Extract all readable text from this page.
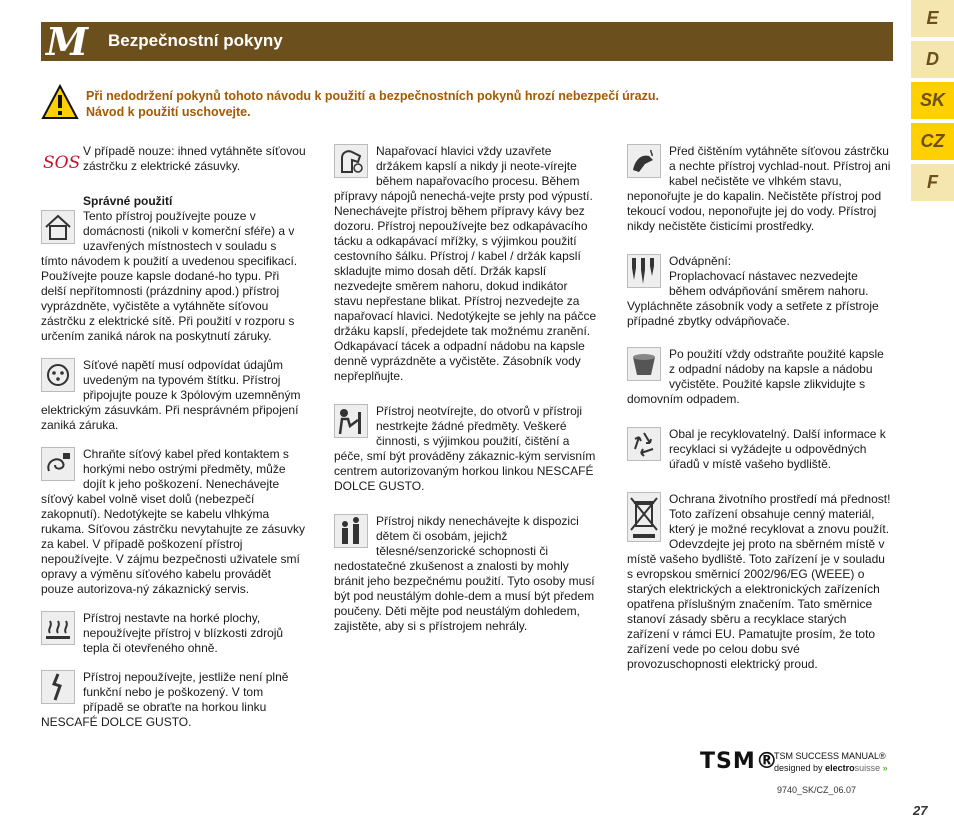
M	Bezpečnostní pokyny
E
D
SK
CZ
F
Při nedodržení pokynů tohoto návodu k použití a bezpečnostních pokynů hrozí nebezpečí úrazu.
Návod k použití uschovejte.
SOS

V případě nouze: ihned vytáhněte síťovou zástrčku z elektrické zásuvky.

Správné použití

Tento přístroj používejte pouze v domácnosti (nikoli v komerční sféře) a v uzavřených místnostech v souladu s tímto návodem k použití a uvedenou specifikací. Používejte pouze kapsle dodané-ho typu. Při delší nepřítomnosti (prázdniny apod.) přístroj vyprázdněte, vyčistěte a vytáhněte síťovou zástrčku z elektrické sítě. Při použití v rozporu s určením zaniká nárok na poskytnutí záruky.

Síťové napětí musí odpovídat údajům uvedeným na typovém štítku. Přístroj připojujte pouze k 3pólovým uzemněným elektrickým zásuvkám. Při nesprávném připojení zaniká záruka.

Chraňte síťový kabel před kontaktem s horkými nebo ostrými předměty, může dojít k jeho poškození. Nenechávejte síťový kabel volně viset dolů (nebezpečí zakopnutí). Nedotýkejte se kabelu vlhkýma rukama. Síťovou zástrčku nevytahujte ze zásuvky za kabel. V případě poškození přístroj nepoužívejte. V zájmu bezpečnosti uživatele smí opravy a výměnu síťového kabelu provádět pouze autorizova-ný zákaznický servis.

Přístroj nestavte na horké plochy, nepoužívejte přístroj v blízkosti zdrojů tepla či otevřeného ohně.

Přístroj nepoužívejte, jestliže není plně funkční nebo je poškozený. V tom případě se obraťte na horkou linku NESCAFÉ DOLCE GUSTO.

Napařovací hlavici vždy uzavřete držákem kapslí a nikdy ji neote-vírejte během napařovacího procesu. Během přípravy nápojů nenechá-vejte prsty pod výpustí. Nenechávejte přístroj během přípravy kávy bez dozoru. Přístroj nepoužívejte bez odkapávacího tácku a odkapávací mřížky, s výjimkou použití cestovního šálku. Přístroj / kabel / držák kapslí skladujte mimo dosah dětí. Držák kapslí nezvedejte směrem nahoru, dokud indikátor stavu nepřestane blikat. Přístroj nezvedejte za napařovací hlavici. Nedotýkejte se jehly na páčce držáku kapslí, předejdete tak možnému zranění. Odkapávací tácek a odpadní nádobu na kapsle denně vyprázdněte a vyčistěte. Zásobník vody nepřeplňujte.

Přístroj neotvírejte, do otvorů v přístroji nestrkejte žádné předměty. Veškeré činnosti, s výjimkou použití, čištění a péče, smí být prováděny zákaznic-kým servisním centrem autorizovaným horkou linkou NESCAFÉ DOLCE GUSTO.

Přístroj nikdy nenechávejte k dispozici dětem či osobám, jejichž tělesné/senzorické schopnosti či nedostatečné zkušenost a znalosti by mohly bránit jeho bezpečnému použití. Tyto osoby musí být pod neustálým dohle-dem a musí být předem poučeny. Děti mějte pod neustálým dohledem, zajistěte, aby si s přístrojem nehrály.

Před čištěním vytáhněte síťovou zástrčku a nechte přístroj vychlad-nout. Přístroj ani kabel nečistěte ve vlhkém stavu, neponořujte je do kapalin. Nečistěte přístroj pod tekoucí vodou, neponořujte jej do vody. Přístroj nikdy nečistěte čisticími prostředky.

Odvápnění:

Proplachovací nástavec nezvedejte během odvápňování směrem nahoru. Vypláchněte zásobník vody a setřete z přístroje případné zbytky odvápňovače.

Po použití vždy odstraňte použité kapsle z odpadní nádoby na kapsle a nádobu vyčistěte. Použité kapsle zlikvidujte s domovním odpadem.

Obal je recyklovatelný. Další informace k recyklaci si vyžádejte u odpovědných úřadů v místě vašeho bydliště.

Ochrana životního prostředí má přednost! Toto zařízení obsahuje cenný materiál, který je možné recyklovat a znovu použít. Odevzdejte jej proto na sběrném místě v místě vašeho bydliště. Toto zařízení je v souladu s evropskou směrnicí 2002/96/EG (WEEE) o starých elektrických a elektronických zařízeních opatřena příslušným značením. Tato směrnice stanoví zásady sběru a recyklace starých zařízení v rámci EU. Pamatujte prosím, že toto zařízení vede po celou dobu své provozuschopnosti elektrický proud.

TSM®
TSM SUCCESS MANUAL®
designed by electrosuisse »
9740_SK/CZ_06.07
27
